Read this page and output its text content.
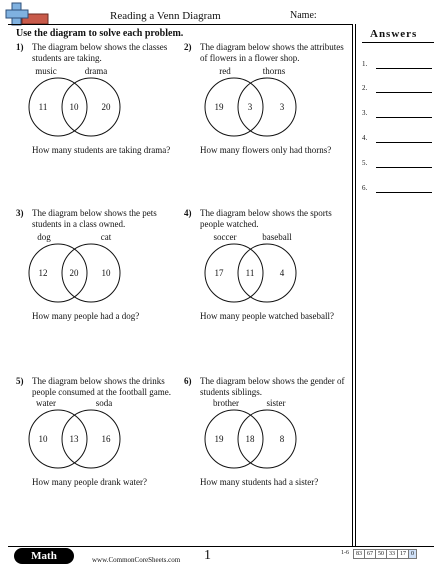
Reading a Venn Diagram	Name:
Use the diagram to solve each problem.	Answers
1.
2.
3.
4.
5.
6.
1) The diagram below shows the classes students are taking.
music	drama
11 10	20
How many students are taking drama?
2) The diagram below shows the attributes of flowers in a flower shop.
red	thorns
19	3	3
How many flowers only had thorns?
3) The diagram below shows the pets students in a class owned.
dog	cat
12 20	10
How many people had a dog?
4) The diagram below shows the sports people watched.
soccer	baseball
17 11	4
How many people watched baseball?
5) The diagram below shows the drinks people consumed at the football game.
water	soda
10 13	16
How many people drank water?
6) The diagram below shows the gender of students siblings.
brother	sister
19 18	8
How many students had a sister?
Math	www.CommonCoreSheets.com 1	1-6	83 67 50 33 17 0
